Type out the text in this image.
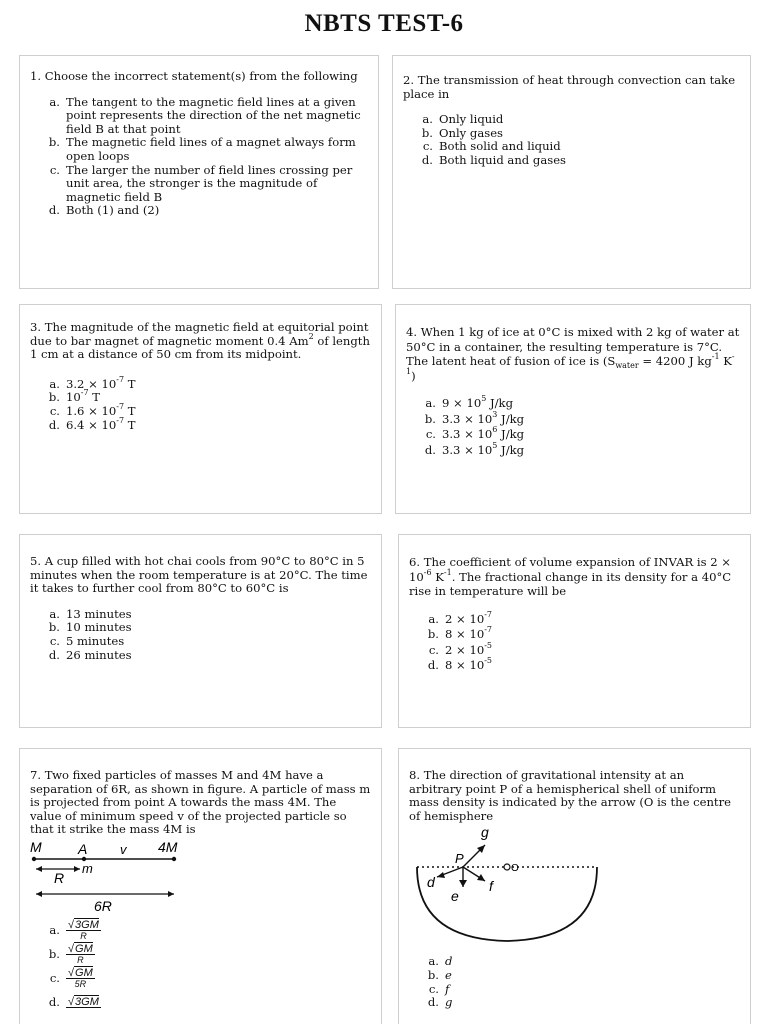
NBTS TEST-6

1. Choose the incorrect statement(s) from the following

a. The tangent to the magnetic field lines at a given point represents the direction of the net magnetic field B at that point
b. The magnetic field lines of a magnet always form open loops
c. The larger the number of field lines crossing per unit area, the stronger is the magnitude of magnetic field B
d. Both (1) and (2)

2. The transmission of heat through convection can take place in

a. Only liquid
b. Only gases
c. Both solid and liquid
d. Both liquid and gases

3. The magnitude of the magnetic field at equitorial point due to bar magnet of magnetic moment 0.4 Am$^2$ of length 1 cm at a distance of 50 cm from its midpoint.

a. $3.2 \times 10^{-7}$ T
b. $10^{-7}$ T
c. $1.6 \times 10^{-7}$ T
d. $6.4 \times 10^{-7}$ T

4. When 1 kg of ice at 0°C is mixed with 2 kg of water at 50°C in a container, the resulting temperature is 7°C. The latent heat of fusion of ice is ($S_{water} = 4200$ J $kg^{-1}$ $K^{-1}$)

a. $9 \times 10^5$ J/kg
b. $3.3 \times 10^3$ J/kg
c. $3.3 \times 10^6$ J/kg
d. $3.3 \times 10^5$ J/kg

5. A cup filled with hot chai cools from 90°C to 80°C in 5 minutes when the room temperature is at 20°C. The time it takes to further cool from 80°C to 60°C is

a. 13 minutes
b. 10 minutes
c. 5 minutes
d. 26 minutes

6. The coefficient of volume expansion of INVAR is $2 \times 10^{-6}$ $K^{-1}$. The fractional change in its density for a 40°C rise in temperature will be

a. $2 \times 10^{-7}$
b. $8 \times 10^{-7}$
c. $2 \times 10^{-5}$
d. $8 \times 10^{-5}$

7. Two fixed particles of masses M and 4M have a separation of 6R, as shown in figure. A particle of mass m is projected from point A towards the mass 4M. The value of minimum speed v of the projected particle so that it strike the mass 4M is

M	A	v 4M
m
R
6R
a. $\frac{√3GM}{R}$
b. $\frac{√GM}{R}$
c. $\frac{√GM}{5R}$
d. √3GM

8. The direction of gravitational intensity at an arbitrary point P of a hemispherical shell of uniform mass density is indicated by the arrow (O is the centre of hemisphere

g
O
P
d
e
f
a. d
b. e
c. f
d. g
